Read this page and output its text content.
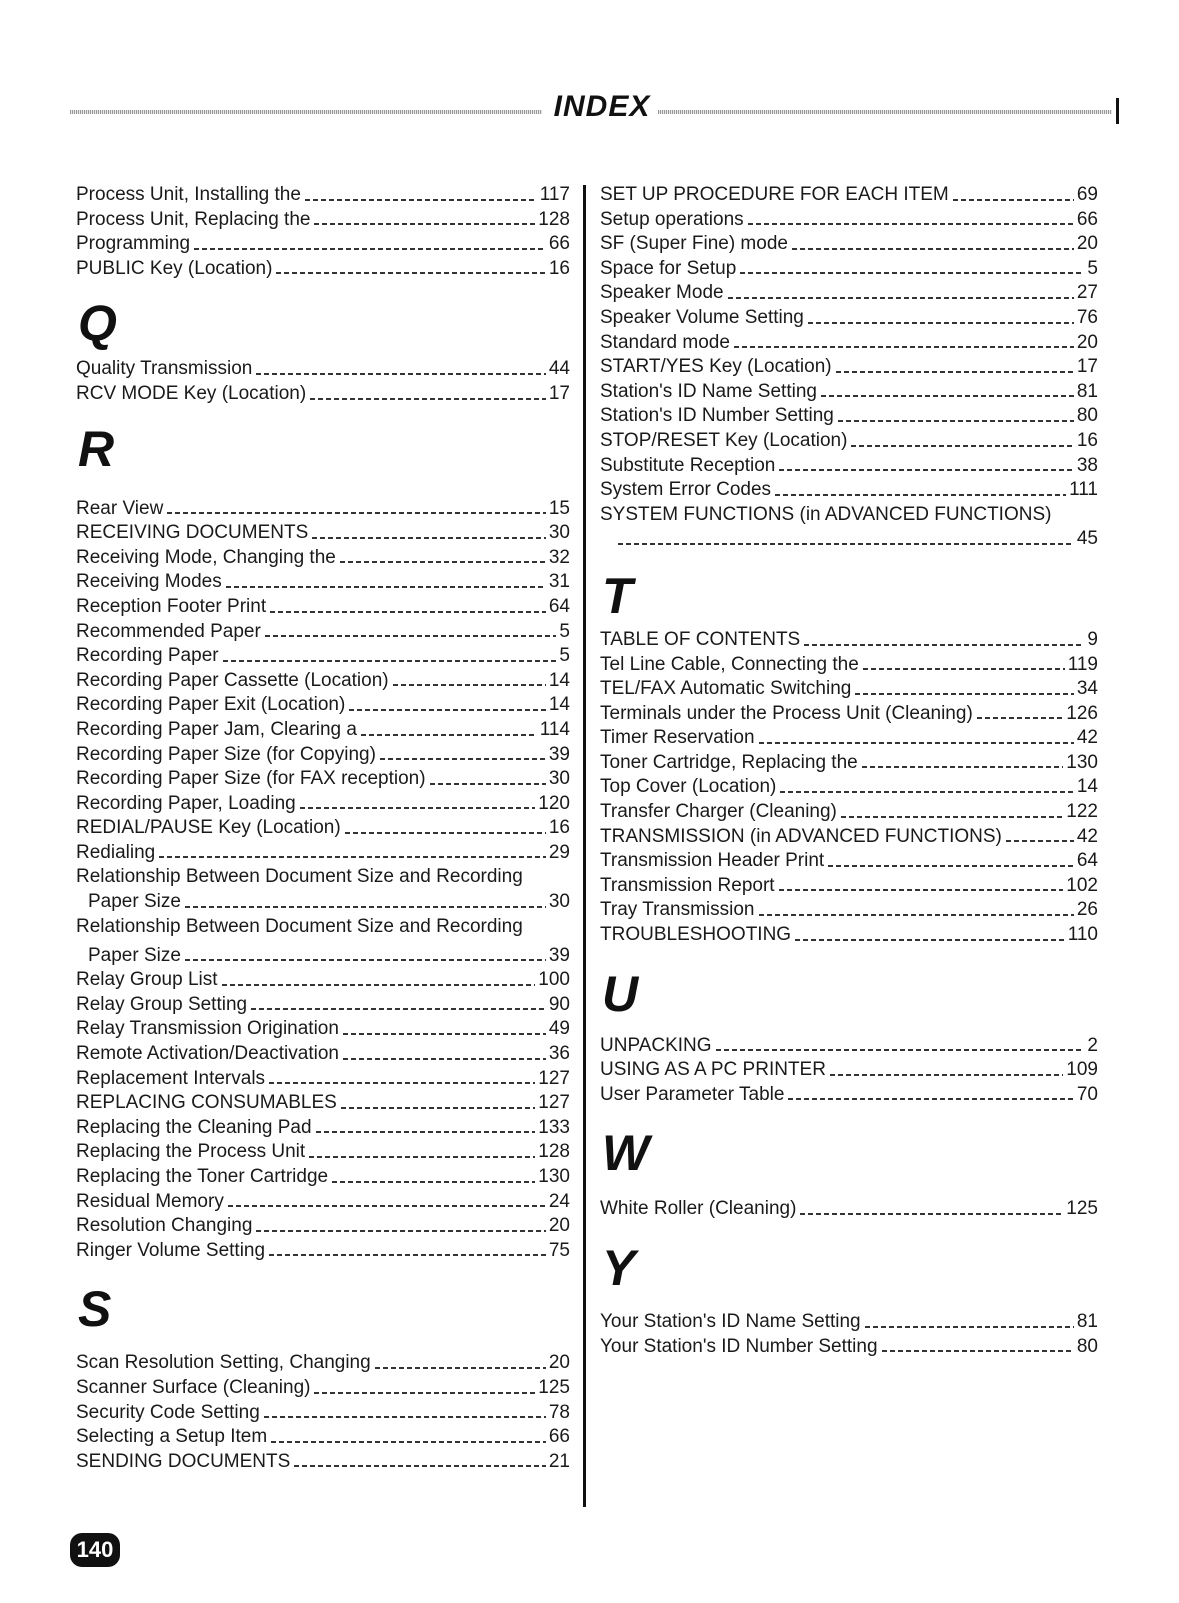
INDEX
Process Unit, Installing the	117
Process Unit, Replacing the	128
Programming	66
PUBLIC Key (Location)	16
Q
Quality Transmission	44
RCV MODE Key (Location)	17
R
Rear View	15
RECEIVING DOCUMENTS	30
Receiving Mode, Changing the	32
Receiving Modes	31
Reception Footer Print	64
Recommended Paper	5
Recording Paper	5
Recording Paper Cassette (Location)	14
Recording Paper Exit (Location)	14
Recording Paper Jam, Clearing a	114
Recording Paper Size (for Copying)	39
Recording Paper Size (for FAX reception)	30
Recording Paper, Loading	120
REDIAL/PAUSE Key (Location)	16
Redialing	29
Relationship Between Document Size and Recording
Paper Size	30
Relationship Between Document Size and Recording
Paper Size	39
Relay Group List	100
Relay Group Setting	90
Relay Transmission Origination	49
Remote Activation/Deactivation	36
Replacement Intervals	127
REPLACING CONSUMABLES	127
Replacing the Cleaning Pad	133
Replacing the Process Unit	128
Replacing the Toner Cartridge	130
Residual Memory	24
Resolution Changing	20
Ringer Volume Setting	75
S
Scan Resolution Setting, Changing	20
Scanner Surface (Cleaning)	125
Security Code Setting	78
Selecting a Setup Item	66
SENDING DOCUMENTS	21
SET UP PROCEDURE FOR EACH ITEM	69
Setup operations	66
SF (Super Fine) mode	20
Space for Setup	5
Speaker Mode	27
Speaker Volume Setting	76
Standard mode	20
START/YES Key (Location)	17
Station's ID Name Setting	81
Station's ID Number Setting	80
STOP/RESET Key (Location)	16
Substitute Reception	38
System Error Codes	111
SYSTEM FUNCTIONS (in ADVANCED FUNCTIONS)
45
T
TABLE OF CONTENTS	9
Tel Line Cable, Connecting the	119
TEL/FAX Automatic Switching	34
Terminals under the Process Unit (Cleaning)	126
Timer Reservation	42
Toner Cartridge, Replacing the	130
Top Cover (Location)	14
Transfer Charger (Cleaning)	122
TRANSMISSION (in ADVANCED FUNCTIONS)	42
Transmission Header Print	64
Transmission Report	102
Tray Transmission	26
TROUBLESHOOTING	110
U
UNPACKING	2
USING AS A PC PRINTER	109
User Parameter Table	70
W
White Roller (Cleaning)	125
Y
Your Station's ID Name Setting	81
Your Station's ID Number Setting	80
140
